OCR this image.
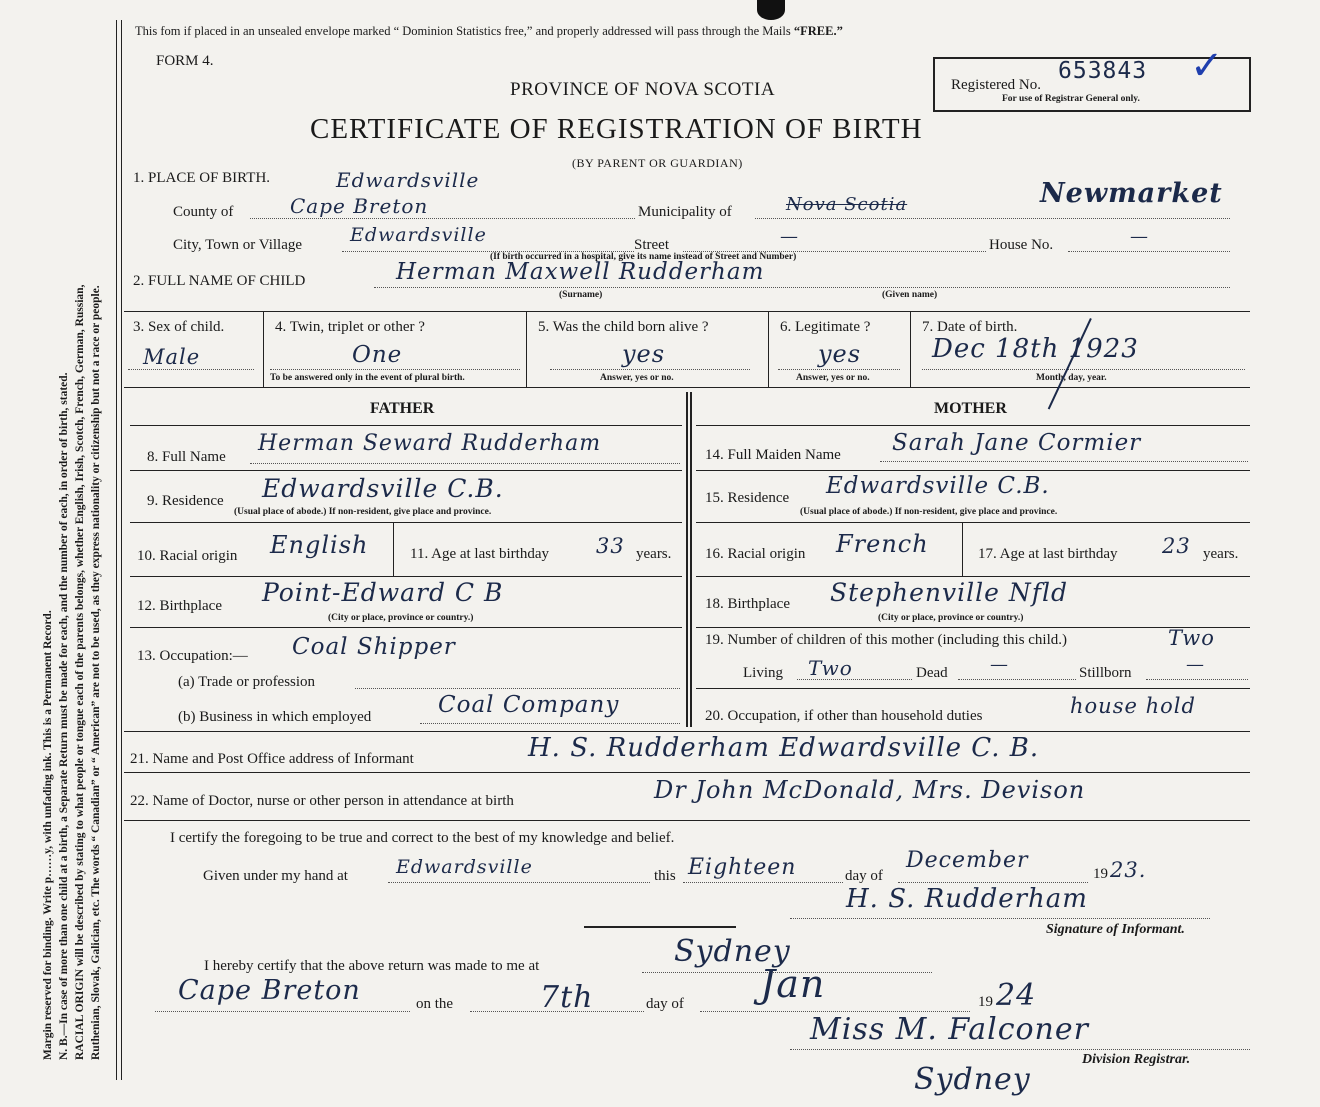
Margin reserved for binding. Write p……y, with unfading ink. This is a Permanent Record. N. B.—In case of more than one child at a birth, a Separate Return must be made for each, and the number of each, in order of birth, stated. RACIAL ORIGIN will be described by stating to what people or tongue each of the parents belongs, whether English, Irish, Scotch, French, German, Russian, Ruthenian, Slovak, Galician, etc. The words “ Canadian” or “ American” are not to be used, as they express nationality or citizenship but not a race or people.
This fom if placed in an unsealed envelope marked “ Dominion Statistics free,” and properly addressed will pass through the Mails “FREE.”
FORM 4.
PROVINCE OF NOVA SCOTIA
CERTIFICATE OF REGISTRATION OF BIRTH
(BY PARENT OR GUARDIAN)
Registered No.
653843 ✓
For use of Registrar General only.
1. PLACE OF BIRTH.	Edwardsville
County of	Cape Breton	Municipality of	Nova Scotia	Newmarket
City, Town or Village	Edwardsville	Street	—	House No.	—
(If birth occurred in a hospital, give its name instead of Street and Number)
2. FULL NAME OF CHILD	Herman Maxwell Rudderham
(Surname)	(Given name)
3. Sex of child.
Male
4. Twin, triplet or other ?
One
To be answered only in the event of plural birth.
5. Was the child born alive ?
yes
Answer, yes or no.
6. Legitimate ?
yes
Answer, yes or no.
7. Date of birth.
Dec 18th 1923
Month, day, year.
FATHER	MOTHER
8. Full Name
Herman Seward Rudderham
9. Residence Edwardsville C.B.
(Usual place of abode.) If non-resident, give place and province.
10. Racial origin English	11. Age at last birthday 33 years.
12. Birthplace Point-Edward C B
(City or place, province or country.)
13. Occupation:— Coal Shipper
(a) Trade or profession
(b) Business in which employed	Coal Company
14. Full Maiden Name Sarah Jane Cormier
15. Residence Edwardsville C.B.
(Usual place of abode.) If non-resident, give place and province.
16. Racial origin French	17. Age at last birthday 23 years.
18. Birthplace Stephenville Nfld
(City or place, province or country.)
19. Number of children of this mother (including this child.)	Two
Living Two	Dead —	Stillborn	—
20. Occupation, if other than household duties	house hold
21. Name and Post Office address of Informant	H. S. Rudderham Edwardsville C. B.
22. Name of Doctor, nurse or other person in attendance at birth	Dr John McDonald, Mrs. Devison
I certify the foregoing to be true and correct to the best of my knowledge and belief.
Given under my hand at	Edwardsville	this Eighteen	day of
December
19 23.
H. S. Rudderham
Signature of Informant.
I hereby certify that the above return was made to me at	Sydney
Cape Breton	on the	7th	day of Jan	19 24
Miss M. Falconer
Division Registrar.
Sydney
